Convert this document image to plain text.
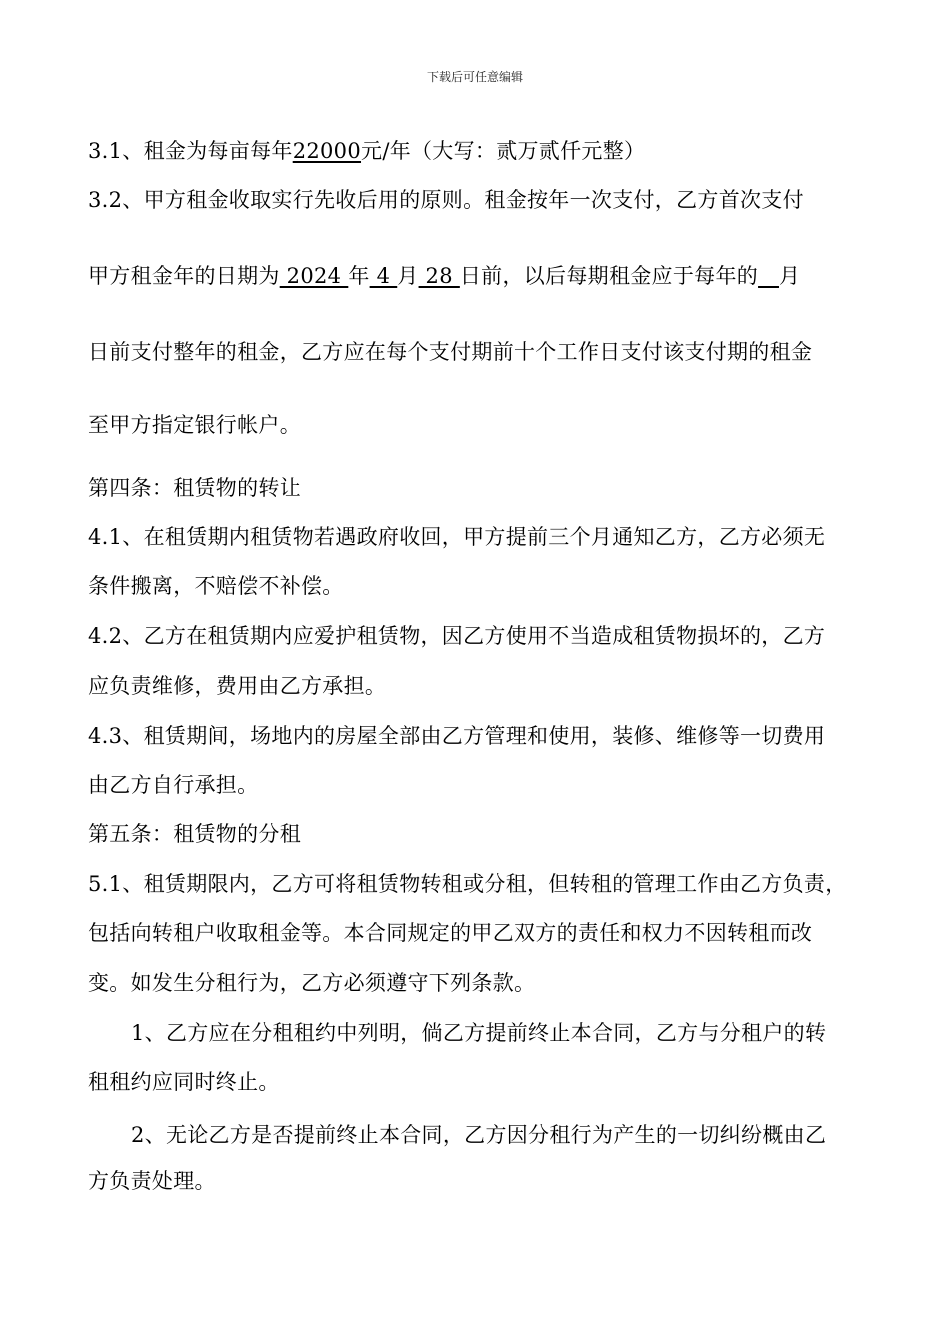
下载后可任意编辑
3.1、租金为每亩每年22000元/年（大写：贰万贰仟元整）
3.2、甲方租金收取实行先收后用的原则。租金按年一次支付，乙方首次支付
甲方租金年的日期为 2024 年 4 月 28 日前，以后每期租金应于每年的 月
日前支付整年的租金，乙方应在每个支付期前十个工作日支付该支付期的租金
至甲方指定银行帐户。
第四条：租赁物的转让
4.1、在租赁期内租赁物若遇政府收回，甲方提前三个月通知乙方，乙方必须无
条件搬离，不赔偿不补偿。
4.2、乙方在租赁期内应爱护租赁物，因乙方使用不当造成租赁物损坏的，乙方
应负责维修，费用由乙方承担。
4.3、租赁期间，场地内的房屋全部由乙方管理和使用，装修、维修等一切费用
由乙方自行承担。
第五条：租赁物的分租
5.1、租赁期限内，乙方可将租赁物转租或分租，但转租的管理工作由乙方负责，
包括向转租户收取租金等。本合同规定的甲乙双方的责任和权力不因转租而改
变。如发生分租行为，乙方必须遵守下列条款。
1、乙方应在分租租约中列明，倘乙方提前终止本合同，乙方与分租户的转
租租约应同时终止。
2、无论乙方是否提前终止本合同，乙方因分租行为产生的一切纠纷概由乙
方负责处理。
